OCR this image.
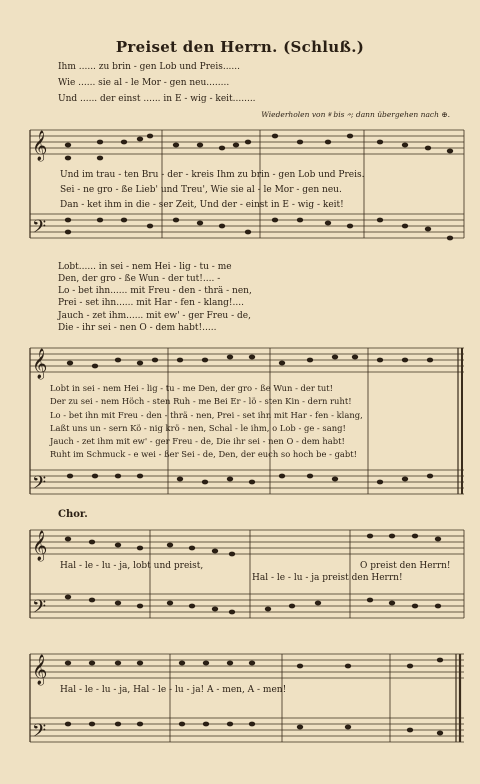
Preiset den Herrn. (Schluß.)
Ihm ...... zu brin - gen Lob und Preis......
Wie ...... sie al - le Mor - gen neu........
Und ...... der einst ...... in E - wig - keit........
Wiederholen von 𝄋 bis 𝄐; dann übergehen nach ⊕.
𝄞
𝄢
𝄞
𝄢
𝄞
𝄢
𝄞
𝄢
Und im trau - ten Bru - der - kreis Ihm zu brin - gen Lob und Preis.
Sei - ne gro - ße Lieb' und Treu', Wie sie al - le Mor - gen neu.
Dan - ket ihm in die - ser Zeit, Und der - einst in E - wig - keit!
Lobt...... in sei - nem Hei - lig - tu - me
Den, der gro - ße Wun - der tut!.... -
Lo - bet ihn...... mit Freu - den - thrä - nen,
Prei - set ihn...... mit Har - fen - klang!....
Jauch - zet ihm...... mit ew' - ger Freu - de,
Die - ihr sei - nen O - dem habt!.....
Lobt in sei - nem Hei - lig - tu - me Den, der gro - ße Wun - der tut!
Der zu sei - nem Höch - sten Ruh - me Bei Er - lö - sten Kin - dern ruht!
Lo - bet ihn mit Freu - den - thrä - nen, Prei - set ihn mit Har - fen - klang,
Laßt uns un - sern Kö - nig krö - nen, Schal - le ihm, o Lob - ge - sang!
Jauch - zet ihm mit ew' - ger Freu - de, Die ihr sei - nen O - dem habt!
Ruht im Schmuck - e wei - ßer Sei - de, Den, der euch so hoch be - gabt!
Chor.
Hal - le - lu - ja, lobt und preist,	O preist den Herrn!
Hal - le - lu - ja preist den Herrn!
Hal - le - lu - ja, Hal - le - lu - ja! A - men, A - men!
